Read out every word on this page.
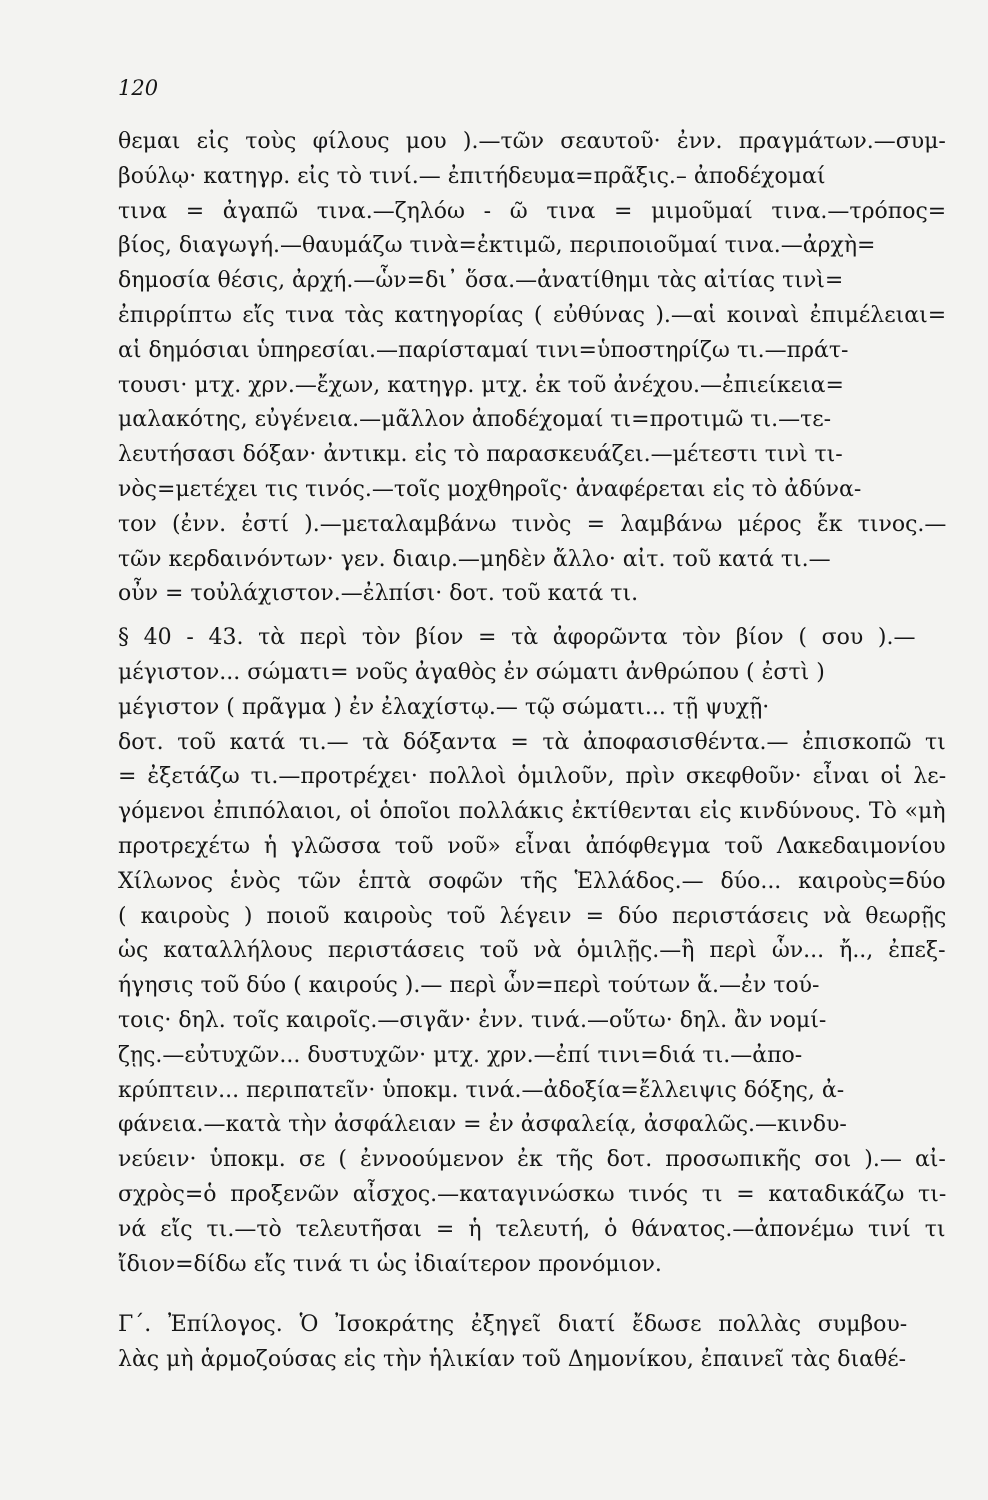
120
θεμαι εἰς τοὺς φίλους μου ).—τῶν σεαυτοῦ· ἐνν. πραγμάτων.—συμ-
βούλῳ· κατηγρ. εἰς τὸ τινί.— ἐπιτήδευμα=πρᾶξις.– ἀποδέχομαί
τινα = ἀγαπῶ τινα.—ζηλόω - ῶ τινα = μιμοῦμαί τινα.—τρόπος=
βίος, διαγωγή.—θαυμάζω τινὰ=ἐκτιμῶ, περιποιοῦμαί τινα.—ἀρχὴ=
δημοσία θέσις, ἀρχή.—ὧν=δι᾽ ὅσα.—ἀνατίθημι τὰς αἰτίας τινὶ=
ἐπιρρίπτω εἴς τινα τὰς κατηγορίας ( εὐθύνας ).—αἱ κοιναὶ ἐπιμέλειαι=
αἱ δημόσιαι ὑπηρεσίαι.—παρίσταμαί τινι=ὑποστηρίζω τι.—πράτ-
τουσι· μτχ. χρν.—ἔχων, κατηγρ. μτχ. ἐκ τοῦ ἀνέχου.—ἐπιείκεια=
μαλακότης, εὐγένεια.—μᾶλλον ἀποδέχομαί τι=προτιμῶ τι.—τε-
λευτήσασι δόξαν· ἀντικμ. εἰς τὸ παρασκευάζει.—μέτεστι τινὶ τι-
νὸς=μετέχει τις τινός.—τοῖς μοχθηροῖς· ἀναφέρεται εἰς τὸ ἀδύνα-
τον (ἐνν. ἐστί ).—μεταλαμβάνω τινὸς = λαμβάνω μέρος ἔκ τινος.—
τῶν κερδαινόντων· γεν. διαιρ.—μηδὲν ἄλλο· αἰτ. τοῦ κατά τι.—
οὖν = τοὐλάχιστον.—ἐλπίσι· δοτ. τοῦ κατά τι.
§ 40 - 43. τὰ περὶ τὸν βίον = τὰ ἀφορῶντα τὸν βίον ( σου ).—
μέγιστον... σώματι= νοῦς ἀγαθὸς ἐν σώματι ἀνθρώπου ( ἐστὶ )
μέγιστον ( πρᾶγμα ) ἐν ἐλαχίστῳ.— τῷ σώματι... τῇ ψυχῇ·
δοτ. τοῦ κατά τι.— τὰ δόξαντα = τὰ ἀποφασισθέντα.— ἐπισκοπῶ τι
= ἐξετάζω τι.—προτρέχει· πολλοὶ ὁμιλοῦν, πρὶν σκεφθοῦν· εἶναι οἱ λε-
γόμενοι ἐπιπόλαιοι, οἱ ὁποῖοι πολλάκις ἐκτίθενται εἰς κινδύνους. Τὸ «μὴ
προτρεχέτω ἡ γλῶσσα τοῦ νοῦ» εἶναι ἀπόφθεγμα τοῦ Λακεδαιμονίου
Χίλωνος ἑνὸς τῶν ἑπτὰ σοφῶν τῆς Ἑλλάδος.— δύο... καιροὺς=δύο
( καιροὺς ) ποιοῦ καιροὺς τοῦ λέγειν = δύο περιστάσεις νὰ θεωρῇς
ὡς καταλλήλους περιστάσεις τοῦ νὰ ὁμιλῇς.—ἢ περὶ ὧν... ἤ.., ἐπεξ-
ήγησις τοῦ δύο ( καιρούς ).— περὶ ὧν=περὶ τούτων ἅ.—ἐν τού-
τοις· δηλ. τοῖς καιροῖς.—σιγᾶν· ἐνν. τινά.—οὕτω· δηλ. ἂν νομί-
ζῃς.—εὐτυχῶν... δυστυχῶν· μτχ. χρν.—ἐπί τινι=διά τι.—ἀπο-
κρύπτειν... περιπατεῖν· ὑποκμ. τινά.—ἀδοξία=ἔλλειψις δόξης, ἀ-
φάνεια.—κατὰ τὴν ἀσφάλειαν = ἐν ἀσφαλείᾳ, ἀσφαλῶς.—κινδυ-
νεύειν· ὑποκμ. σε ( ἐννοούμενον ἐκ τῆς δοτ. προσωπικῆς σοι ).— αἰ-
σχρὸς=ὁ προξενῶν αἶσχος.—καταγινώσκω τινός τι = καταδικάζω τι-
νά εἴς τι.—τὸ τελευτῆσαι = ἡ τελευτή, ὁ θάνατος.—ἀπονέμω τινί τι
ἴδιον=δίδω εἴς τινά τι ὡς ἰδιαίτερον προνόμιον.
Γ΄. Ἐπίλογος. Ὁ Ἰσοκράτης ἐξηγεῖ διατί ἔδωσε πολλὰς συμβου-
λὰς μὴ ἁρμοζούσας εἰς τὴν ἡλικίαν τοῦ Δημονίκου, ἐπαινεῖ τὰς διαθέ-
